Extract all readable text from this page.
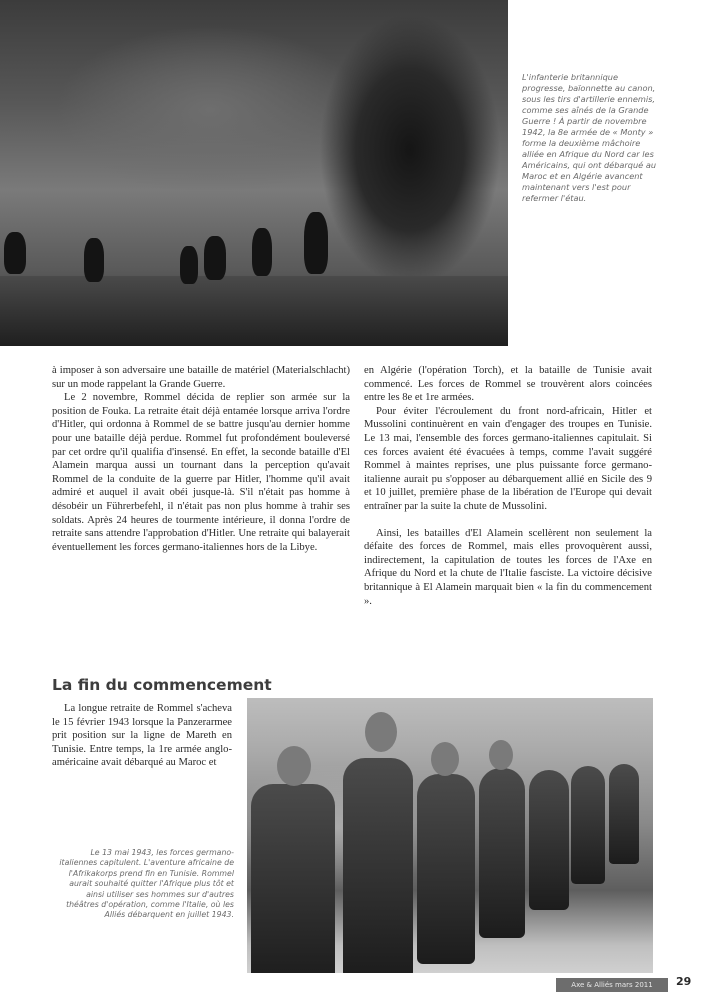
L'infanterie britannique progresse, baïonnette au canon, sous les tirs d'artillerie ennemis, comme ses aînés de la Grande Guerre ! À partir de novembre 1942, la 8e armée de « Monty » forme la deuxième mâchoire alliée en Afrique du Nord car les Américains, qui ont débarqué au Maroc et en Algérie avancent maintenant vers l'est pour refermer l'étau.

à imposer à son adversaire une bataille de matériel (Materialschlacht) sur un mode rappelant la Grande Guerre.

Le 2 novembre, Rommel décida de replier son armée sur la position de Fouka. La retraite était déjà entamée lorsque arriva l'ordre d'Hitler, qui ordonna à Rommel de se battre jusqu'au dernier homme pour une bataille déjà perdue. Rommel fut profondément bouleversé par cet ordre qu'il qualifia d'insensé. En effet, la seconde bataille d'El Alamein marqua aussi un tournant dans la perception qu'avait Rommel de la conduite de la guerre par Hitler, l'homme qu'il avait admiré et auquel il avait obéi jusque-là. S'il n'était pas homme à désobéir un Führerbefehl, il n'était pas non plus homme à trahir ses soldats. Après 24 heures de tourmente intérieure, il donna l'ordre de retraite sans attendre l'approbation d'Hitler. Une retraite qui balayerait éventuellement les forces germano-italiennes hors de la Libye.

en Algérie (l'opération Torch), et la bataille de Tunisie avait commencé. Les forces de Rommel se trouvèrent alors coincées entre les 8e et 1re armées.

Pour éviter l'écroulement du front nord-africain, Hitler et Mussolini continuèrent en vain d'engager des troupes en Tunisie. Le 13 mai, l'ensemble des forces germano-italiennes capitulait. Si ces forces avaient été évacuées à temps, comme l'avait suggéré Rommel à maintes reprises, une plus puissante force germano-italienne aurait pu s'opposer au débarquement allié en Sicile des 9 et 10 juillet, première phase de la libération de l'Europe qui devait entraîner par la suite la chute de Mussolini.

Ainsi, les batailles d'El Alamein scellèrent non seulement la défaite des forces de Rommel, mais elles provoquèrent aussi, indirectement, la capitulation de toutes les forces de l'Axe en Afrique du Nord et la chute de l'Italie fasciste. La victoire décisive britannique à El Alamein marquait bien « la fin du commencement ».

La fin du commencement

La longue retraite de Rommel s'acheva le 15 février 1943 lorsque la Panzerarmee prit position sur la ligne de Mareth en Tunisie. Entre temps, la 1re armée anglo-américaine avait débarqué au Maroc et

Le 13 mai 1943, les forces germano-italiennes capitulent. L'aventure africaine de l'Afrikakorps prend fin en Tunisie. Rommel aurait souhaité quitter l'Afrique plus tôt et ainsi utiliser ses hommes sur d'autres théâtres d'opération, comme l'Italie, où les Alliés débarquent en juillet 1943.
Axe & Alliés mars 2011	29
